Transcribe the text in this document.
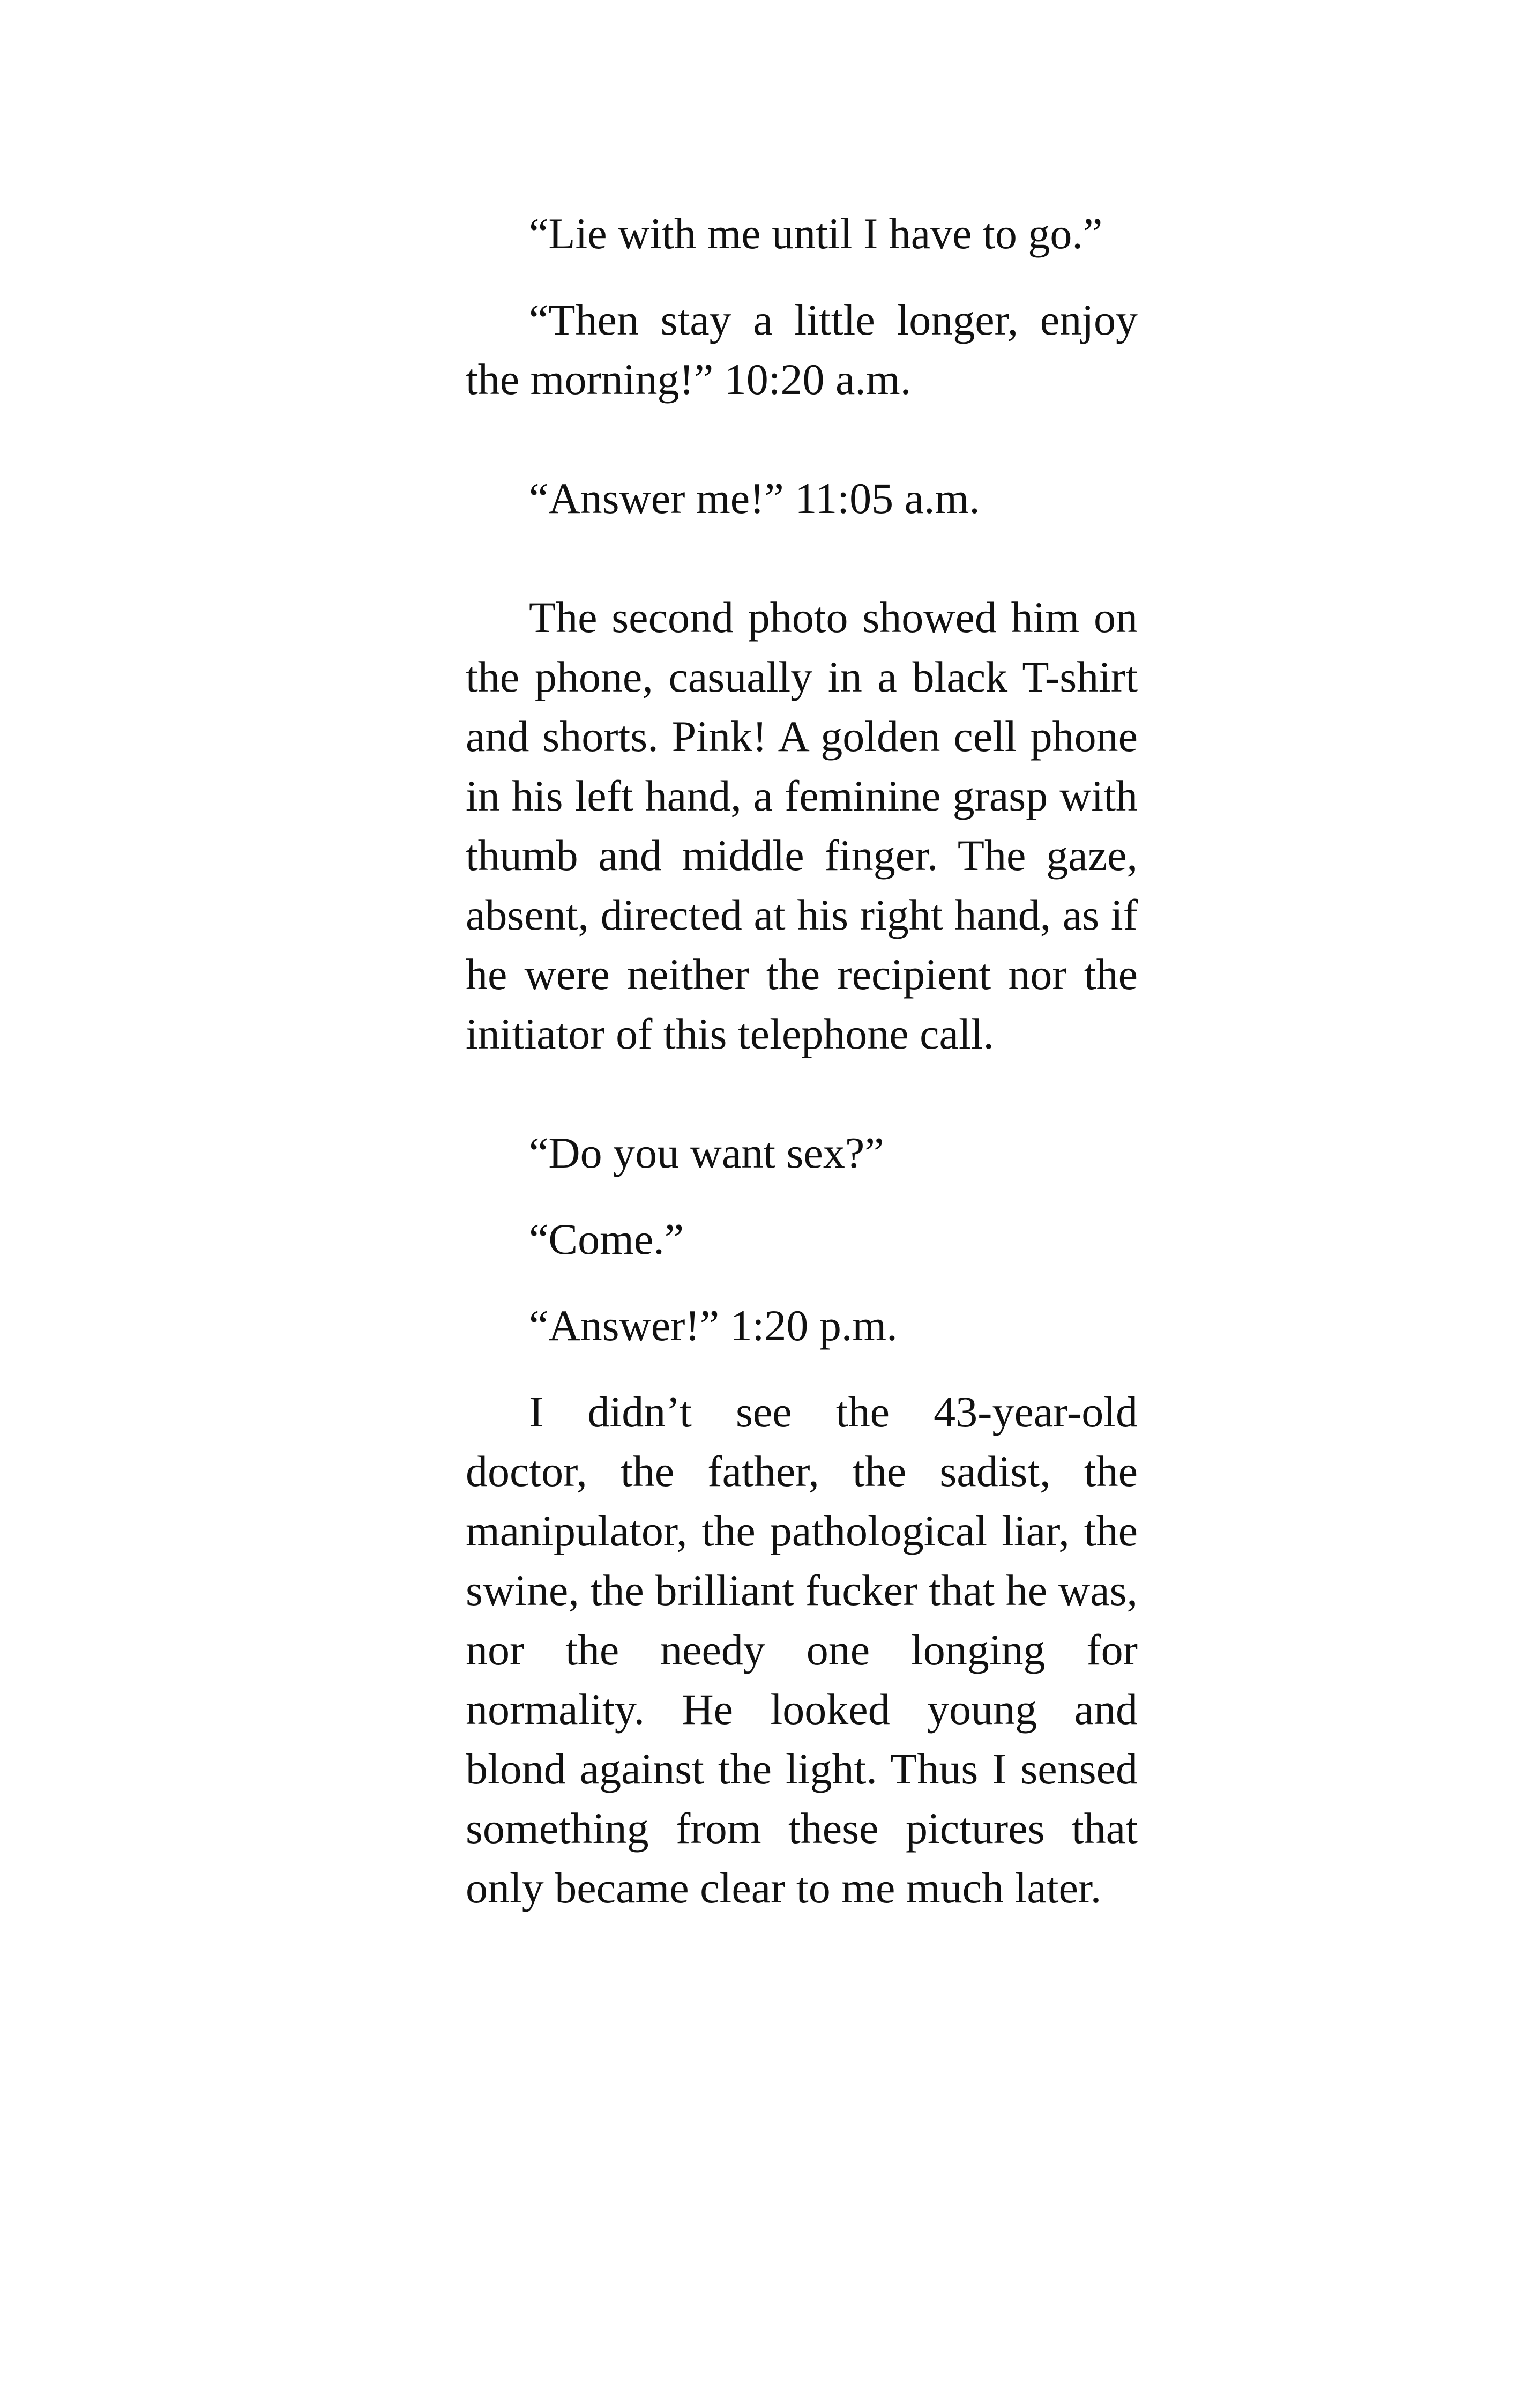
“Lie with me until I have to go.”

“Then stay a little longer, enjoy the morning!” 10:20 a.m.

“Answer me!” 11:05 a.m.

The second photo showed him on the phone, casually in a black T-shirt and shorts. Pink! A golden cell phone in his left hand, a feminine grasp with thumb and middle finger. The gaze, absent, directed at his right hand, as if he were neither the recipient nor the initiator of this telephone call.

“Do you want sex?”

“Come.”

“Answer!” 1:20 p.m.

I didn’t see the 43-year-old doctor, the father, the sadist, the manipulator, the pathological liar, the swine, the brilliant fucker that he was, nor the needy one longing for normality. He looked young and blond against the light. Thus I sensed something from these pictures that only became clear to me much later.
